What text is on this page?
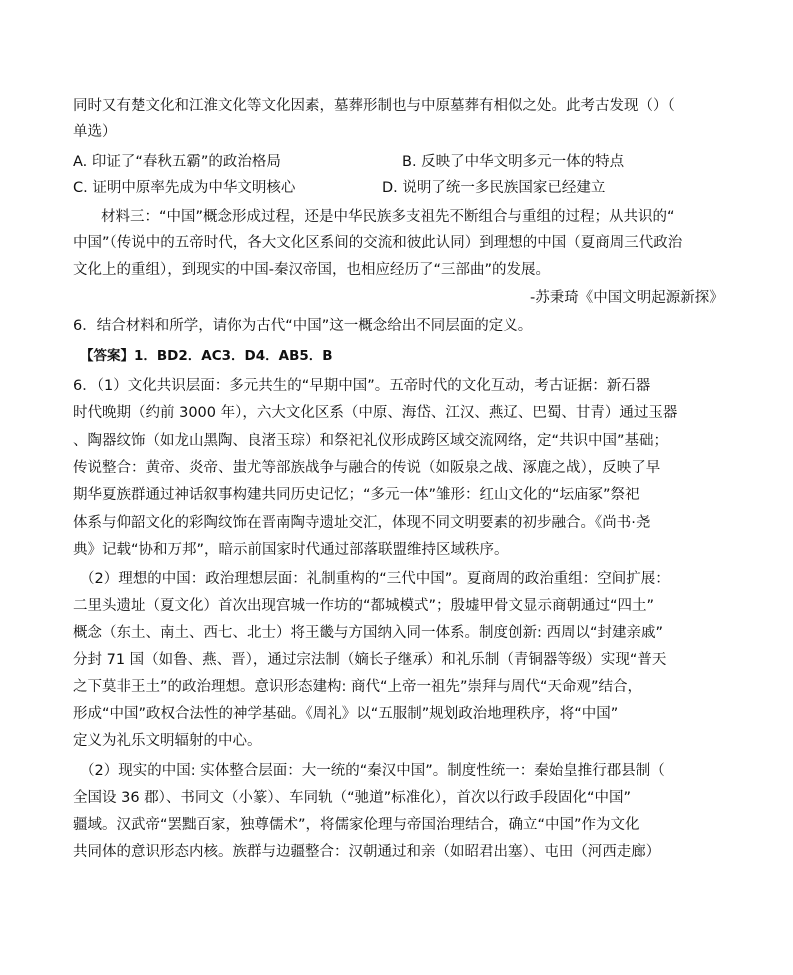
同时又有楚文化和江淮文化等文化因素，墓葬形制也与中原墓葬有相似之处。此考古发现（）（
单选）
A. 印证了“春秋五霸”的政治格局	B. 反映了中华文明多元一体的特点
C. 证明中原率先成为中华文明核心	D. 说明了统一多民族国家已经建立
材料三：“中国”概念形成过程，还是中华民族多支祖先不断组合与重组的过程；从共识的“
中国”（传说中的五帝时代，各大文化区系间的交流和彼此认同）到理想的中国（夏商周三代政治
文化上的重组），到现实的中国-秦汉帝国，也相应经历了“三部曲”的发展。
-苏秉琦《中国文明起源新探》
6．结合材料和所学，请你为古代“中国”这一概念给出不同层面的定义。
【答案】1．BD2．AC3．D4．AB5．B
6．（1）文化共识层面：多元共生的“早期中国”。五帝时代的文化互动，考古证据：新石器
时代晚期（约前 3000 年），六大文化区系（中原、海岱、江汉、燕辽、巴蜀、甘青）通过玉器
、陶器纹饰（如龙山黑陶、良渚玉琮）和祭祀礼仪形成跨区域交流网络，定“共识中国”基础；
传说整合：黄帝、炎帝、蚩尤等部族战争与融合的传说（如阪泉之战、涿鹿之战），反映了早
期华夏族群通过神话叙事构建共同历史记忆；“多元一体”雏形：红山文化的“坛庙冢”祭祀
体系与仰韶文化的彩陶纹饰在晋南陶寺遗址交汇，体现不同文明要素的初步融合。《尚书·尧
典》记载“协和万邦”，暗示前国家时代通过部落联盟维持区域秩序。
（2）理想的中国：政治理想层面：礼制重构的“三代中国”。夏商周的政治重组：空间扩展：
二里头遗址（夏文化）首次出现宫城一作坊的“都城模式”；殷墟甲骨文显示商朝通过“四土”
概念（东土、南土、西七、北士）将王畿与方国纳入同一体系。制度创新: 西周以“封建亲戚”
分封 71 国（如鲁、燕、晋），通过宗法制（嫡长子继承）和礼乐制（青铜器等级）实现“普天
之下莫非王土”的政治理想。意识形态建构: 商代“上帝一祖先”崇拜与周代“天命观”结合，
形成“中国”政权合法性的神学基础。《周礼》以“五服制”规划政治地理秩序，将“中国”
定义为礼乐文明辐射的中心。
（2）现实的中国: 实体整合层面：大一统的“秦汉中国”。制度性统一：秦始皇推行郡县制（
全国设 36 郡）、书同文（小篆）、车同轨（“驰道”标准化），首次以行政手段固化“中国”
疆域。汉武帝“罢黜百家，独尊儒术”，将儒家伦理与帝国治理结合，确立“中国”作为文化
共同体的意识形态内核。族群与边疆整合：汉朝通过和亲（如昭君出塞）、屯田（河西走廊）
